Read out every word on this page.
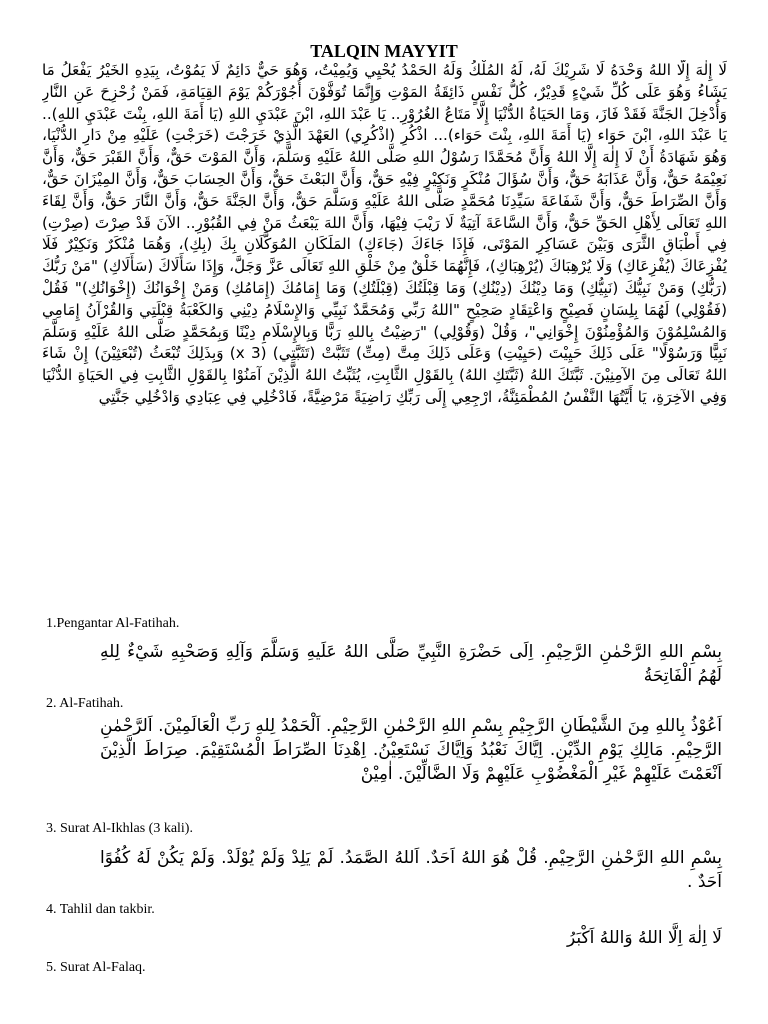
TALQIN MAYYIT

لَا إِلٰهَ إِلَّا اللهُ وَحْدَهُ لَا شَرِيْكَ لَهُ، لَهُ المُلْكُ وَلَهُ الحَمْدُ يُحْيِي وَيُمِيْتُ، وَهُوَ حَيٌّ دَائِمٌ لَا يَمُوْتُ، بِيَدِهِ الخَيْرُ يَفْعَلُ مَا يَشَاءُ وَهُوَ عَلَى كُلِّ شَيْءٍ قَدِيْرٌ، كُلُّ نَفْسٍ ذَائِقَةُ المَوْتِ وَإِنَّمَا تُوَفَّوْنَ أُجُوْرَكُمْ يَوْمَ القِيَامَةِ، فَمَنْ زُحْزِحَ عَنِ النَّارِ وَأُدْخِلَ الجَنَّةَ فَقَدْ فَازَ، وَمَا الحَيَاةُ الدُّنْيَا إِلَّا مَتَاعُ الغُرُوْرِ.. يَا عَبْدَ اللهِ، ابْنَ عَبْدَيِ اللهِ (يَا أَمَةَ اللهِ، بِنْتَ عَبْدَيِ اللهِ).. يَا عَبْدَ اللهِ، ابْنَ حَوَاء (يَا أَمَةَ اللهِ، بِنْتَ حَوَاء)... اذْكُرِ (اذْكُرِي) العَهْدَ الَّذِيْ خَرَجْتَ (خَرَجْتِ) عَلَيْهِ مِنْ دَارِ الدُّنْيَا، وَهُوَ شَهَادَةُ أَنْ لَا إِلٰهَ إِلَّا اللهُ وَأَنَّ مُحَمَّدًا رَسُوْلُ اللهِ صَلَّى اللهُ عَلَيْهِ وَسَلَّمَ، وَأَنَّ المَوْتَ حَقٌّ، وَأَنَّ القَبْرَ حَقٌّ، وَأَنَّ نَعِيْمَهُ حَقٌّ، وَأَنَّ عَذَابَهُ حَقٌّ، وَأَنَّ سُؤَالَ مُنْكَرٍ وَنَكِيْرٍ فِيْهِ حَقٌّ، وَأَنَّ البَعْثَ حَقٌّ، وَأَنَّ الحِسَابَ حَقٌّ، وَأَنَّ المِيْزَانَ حَقٌّ، وَأَنَّ الصِّرَاطَ حَقٌّ، وَأَنَّ شَفَاعَةَ سَيِّدِنَا مُحَمَّدٍ صَلَّى اللهُ عَلَيْهِ وَسَلَّمَ حَقٌّ، وَأَنَّ الجَنَّةَ حَقٌّ، وَأَنَّ النَّارَ حَقٌّ، وَأَنَّ لِقَاءَ اللهِ تَعَالَى لِأَهْلِ الحَقِّ حَقٌّ، وَأَنَّ السَّاعَةَ آتِيَةٌ لَا رَيْبَ فِيْهَا، وَأَنَّ اللهَ يَبْعَثُ مَنْ فِي القُبُوْرِ.. الآنَ قَدْ صِرْتَ (صِرْتِ) فِي أَطْبَاقِ الثَّرَى وَبَيْنَ عَسَاكِرِ المَوْتَى، فَإِذَا جَاءَكَ (جَاءَكِ) المَلَكَانِ المُوَكَّلَانِ بِكَ (بِكِ)، وَهُمَا مُنْكَرٌ وَنَكِيْرٌ فَلَا يُفْزِعَاكَ (يُفْزِعَاكِ) وَلَا يُرْهِبَاكَ (يُرْهِبَاكِ)، فَإِنَّهُمَا خَلْقٌ مِنْ خَلْقِ اللهِ تَعَالَى عَزَّ وَجَلَّ، وَإِذَا سَأَلَاكَ (سَأَلَاكِ) "مَنْ رَبُّكَ (رَبُّكِ) وَمَنْ نَبِيُّكَ (نَبِيُّكِ) وَمَا دِيْنُكَ (دِيْنُكِ) وَمَا قِبْلَتُكَ (قِبْلَتُكِ) وَمَا إِمَامُكَ (إِمَامُكِ) وَمَنْ إِخْوَانُكَ (إِخْوَانُكِ)" فَقُلْ (فَقُوْلِي) لَهُمَا بِلِسَانٍ فَصِيْحٍ وَاعْتِقَادٍ صَحِيْحٍ "اللهُ رَبِّي وَمُحَمَّدٌ نَبِيِّي وَالإِسْلَامُ دِيْنِي وَالكَعْبَةُ قِبْلَتِي وَالقُرْآنُ إِمَامِي وَالمُسْلِمُوْنَ وَالمُؤْمِنُوْنَ إِخْوَانِي"، وَقُلْ (وَقُوْلِي) "رَضِيْتُ بِاللهِ رَبًّا وَبِالإِسْلَامِ دِيْنًا وَبِمُحَمَّدٍ صَلَّى اللهُ عَلَيْهِ وَسَلَّمَ نَبِيًّا وَرَسُوْلًا" عَلَى ذَلِكَ حَيِيْتَ (حَيِيْتِ) وَعَلَى ذَلِكَ مِتَّ (مِتِّ) تَثَبَّتْ (تَثَبَّتِي) (3 x) وَبِذَلِكَ تُبْعَثُ (تُبْعَثِيْنَ) إِنْ شَاءَ اللهُ تَعَالَى مِنَ الآمِنِيْنَ. ثَبَّتَكَ اللهُ (ثَبَّتَكِ اللهُ) بِالقَوْلِ الثَّابِتِ، يُثَبِّتُ اللهُ الَّذِيْنَ آمَنُوْا بِالقَوْلِ الثَّابِتِ فِي الحَيَاةِ الدُّنْيَا وَفِي الآخِرَةِ، يَا أَيَّتُهَا النَّفْسُ المُطْمَئِنَّةُ، ارْجِعِي إِلَى رَبِّكِ رَاضِيَةً مَرْضِيَّةً، فَادْخُلِي فِي عِبَادِي وَادْخُلِي جَنَّتِي

1.Pengantar Al-Fatihah.

بِسْمِ اللهِ الرَّحْمٰنِ الرَّحِيْمِ. اِلَى حَضْرَةِ النَّبِيِّ صَلَّى اللهُ عَلَيهِ وَسَلَّمَ وَآلِهِ وَصَحْبِهِ شَيْءٌ لِلهِ لَهُمُ الْفَاتِحَةُ

2. Al-Fatihah.

اَعُوْذُ بِاللهِ مِنَ الشَّيْطَانِ الرَّجِيْمِ بِسْمِ اللهِ الرَّحْمٰنِ الرَّحِيْمِ. اَلْحَمْدُ لِلهِ رَبِّ الْعَالَمِيْنَ. اَلرَّحْمٰنِ الرَّحِيْمِ. مَالِكِ يَوْمِ الدِّيْنِ. اِيَّاكَ نَعْبُدُ وَاِيَّاكَ نَسْتَعِيْنُ. اِهْدِنَا الصِّرَاطَ الْمُسْتَقِيْمَ. صِرَاطَ الَّذِيْنَ اَنْعَمْتَ عَلَيْهِمْ غَيْرِ الْمَغْضُوْبِ عَلَيْهِمْ وَلَا الضَّالِّيْنَ. اٰمِيْنْ

3. Surat Al-Ikhlas (3 kali).

بِسْمِ اللهِ الرَّحْمٰنِ الرَّحِيْمِ. قُلْ هُوَ اللهُ اَحَدٌ. اَللهُ الصَّمَدُ. لَمْ يَلِدْ وَلَمْ يُوْلَدْ. وَلَمْ يَكُنْ لَهُ كُفُوًا اَحَدٌ .

4. Tahlil dan takbir.

لَا اِلٰهَ اِلَّا اللهُ وَاللهُ اَكْبَرُ

5. Surat Al-Falaq.
